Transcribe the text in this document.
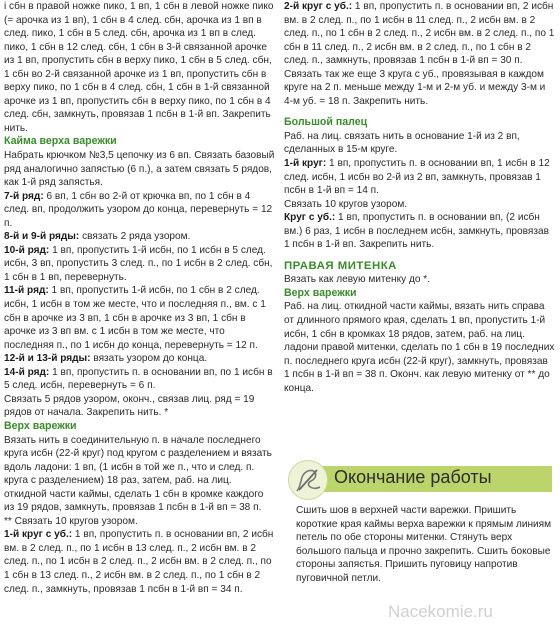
і сбн в правой ножке пико, 1 вп, 1 сбн в левой ножке пико (= арочка из 1 вп), 1 сбн в 4 след. сбн, арочка из 1 вп в след. пико, 1 сбн в 5 след. сбн, арочка из 1 вп в след. пико, 1 сбн в 12 след. сбн, 1 сбн в 3-й связанной арочке из 1 вп, пропустить сбн в верху пико, 1 сбн в 5 след. сбн, 1 сбн во 2-й связанной арочке из 1 вп, пропустить сбн в верху пико, по 1 сбн в 4 след. сбн, 1 сбн в 1-й связанной арочке из 1 вп, пропустить сбн в верху пико, по 1 сбн в 4 след. сбн, замкнуть, провязав 1 псбн в 1-й вп. Закрепить нить.

Кайма верха варежки

Набрать крючком №3,5 цепочку из 6 вп. Связать базовый ряд аналогично запястью (6 п.), а затем связать 5 рядов, как 1-й ряд запястья.

7-й ряд: 6 вп, 1 сбн во 2-й от крючка вп, по 1 сбн в 4 след. вп, продолжить узором до конца, перевернуть = 12 п.

8-й и 9-й ряды: связать 2 ряда узором.

10-й ряд: 1 вп, пропустить 1-й исбн, по 1 исбн в 5 след. исбн, 3 вп, пропустить 3 след. п., по 1 исбн в 2 след. сбн, 1 сбн в 1 вп, перевернуть.

11-й ряд: 1 вп, пропустить 1-й исбн, по 1 сбн в 2 след. исбн, 1 исбн в том же месте, что и последняя п., вм. с 1 сбн в арочке из 3 вп, 1 сбн в арочке из 3 вп, 1 сбн в арочке из 3 вп вм. с 1 исбн в том же месте, что последняя п., по 1 исбн до конца, перевернуть = 12 п.

12-й и 13-й ряды: вязать узором до конца.

14-й ряд: 1 вп, пропустить п. в основании вп, по 1 исбн в 5 след. исбн, перевернуть = 6 п.

Связать 5 рядов узором, оконч., связав лиц. ряд = 19 рядов от начала. Закрепить нить. *

Верх варежки

Вязать нить в соединительную п. в начале последнего круга исбн (22-й круг) под кругом с разделением и вязать вдоль ладони: 1 вп, (1 исбн в той же п., что и след. п. круга с разделением) 18 раз, затем, раб. на лиц. откидной части каймы, сделать 1 сбн в кромке каждого из 19 рядов, замкнуть, провязав 1 псбн в 1-й вп = 38 п.

** Связать 10 кругов узором.

1-й круг с уб.: 1 вп, пропустить п. в основании вп, 2 исбн вм. в 2 след. п., по 1 исбн в 13 след. п., 2 исбн вм. в 2 след. п., по 1 исбн в 2 след. п., 2 исбн вм. в 2 след. п., по 1 сбн в 13 след. п., 2 исбн вм. в 2 след. п., по 1 сбн в 2 след. п., замкнуть, провязав 1 псбн в 1-й вп = 34 п.

2-й круг с уб.: 1 вп, пропустить п. в основании вп, 2 исбн вм. в 2 след. п., по 1 исбн в 11 след. п., 2 исбн вм. в 2 след. п., по 1 сбн в 2 след. п., 2 исбн вм. в 2 след. п., по 1 сбн в 11 след. п., 2 исбн вм. в 2 след. п., по 1 сбн в 2 след. п., замкнуть, провязав 1 псбн в 1-й вп = 30 п.

Связать так же еще 3 круга с уб., провязывая в каждом круге на 2 п. меньше между 1-м и 2-м уб. и между 3-м и 4-м уб. = 18 п. Закрепить нить.

Большой палец

Раб. на лиц. связать нить в основание 1-й из 2 вп, сделанных в 15-м круге.

1-й круг: 1 вп, пропустить п. в основании вп, 1 исбн в 12 след. исбн, 1 исбн во 2-й из 2 вп, замкнуть, провязав 1 псбн в 1-й вп = 14 п.

Связать 10 кругов узором.

Круг с уб.: 1 вп, пропустить п. в основании вп, (2 исбн вм.) 6 раз, 1 исбн в последнем исбн, замкнуть, провязав 1 псбн в 1-й вп. Закрепить нить.

ПРАВАЯ МИТЕНКА

Вязать как левую митенку до *.

Верх варежки

Раб. на лиц. откидной части каймы, вязать нить справа от длинного прямого края, сделать 1 вп, пропустить 1-й исбн, 1 сбн в кромках 18 рядов, затем, раб. на лиц. ладони правой митенки, сделать по 1 сбн в 19 последних п. последнего круга исбн (22-й круг), замкнуть, провязав 1 псбн в 1-й вп = 38 п. Оконч. как левую митенку от ** до конца.

Окончание работы

Сшить шов в верхней части варежки. Пришить короткие края каймы верха варежки к прямым линиям петель по обе стороны митенки. Стянуть верх большого пальца и прочно закрепить. Сшить боковые стороны запястья. Пришить пуговицу напротив пуговичной петли.

Nacekomie.ru
